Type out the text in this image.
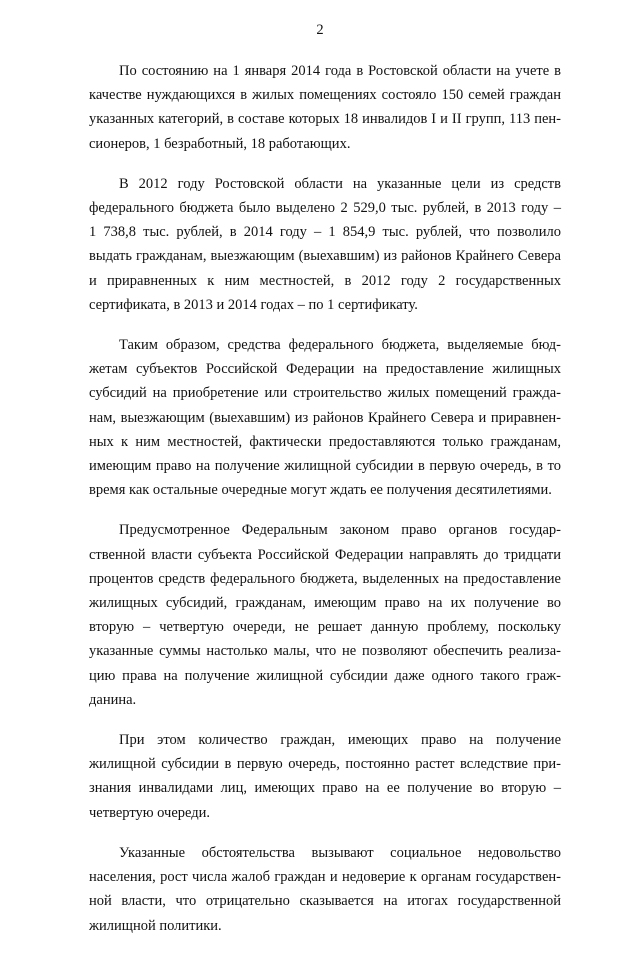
2

По состоянию на 1 января 2014 года в Ростовской области на учете в качестве нуждающихся в жилых помещениях состояло 150 семей граждан указанных категорий, в составе которых 18 инвалидов I и II групп, 113 пенсионеров, 1 безработный, 18 работающих.

В 2012 году Ростовской области на указанные цели из средств федерального бюджета было выделено 2 529,0 тыс. рублей, в 2013 году – 1 738,8 тыс. рублей, в 2014 году – 1 854,9 тыс. рублей, что позволило выдать гражданам, выезжающим (выехавшим) из районов Крайнего Севера и приравненных к ним местностей, в 2012 году 2 государственных сертификата, в 2013 и 2014 годах – по 1 сертификату.

Таким образом, средства федерального бюджета, выделяемые бюджетам субъектов Российской Федерации на предоставление жилищных субсидий на приобретение или строительство жилых помещений гражданам, выезжающим (выехавшим) из районов Крайнего Севера и приравненных к ним местностей, фактически предоставляются только гражданам, имеющим право на получение жилищной субсидии в первую очередь, в то время как остальные очередные могут ждать ее получения десятилетиями.

Предусмотренное Федеральным законом право органов государственной власти субъекта Российской Федерации направлять до тридцати процентов средств федерального бюджета, выделенных на предоставление жилищных субсидий, гражданам, имеющим право на их получение во вторую – четвертую очереди, не решает данную проблему, поскольку указанные суммы настолько малы, что не позволяют обеспечить реализацию права на получение жилищной субсидии даже одного такого гражданина.

При этом количество граждан, имеющих право на получение жилищной субсидии в первую очередь, постоянно растет вследствие признания инвалидами лиц, имеющих право на ее получение во вторую – четвертую очереди.

Указанные обстоятельства вызывают социальное недовольство населения, рост числа жалоб граждан и недоверие к органам государственной власти, что отрицательно сказывается на итогах государственной жилищной политики.
